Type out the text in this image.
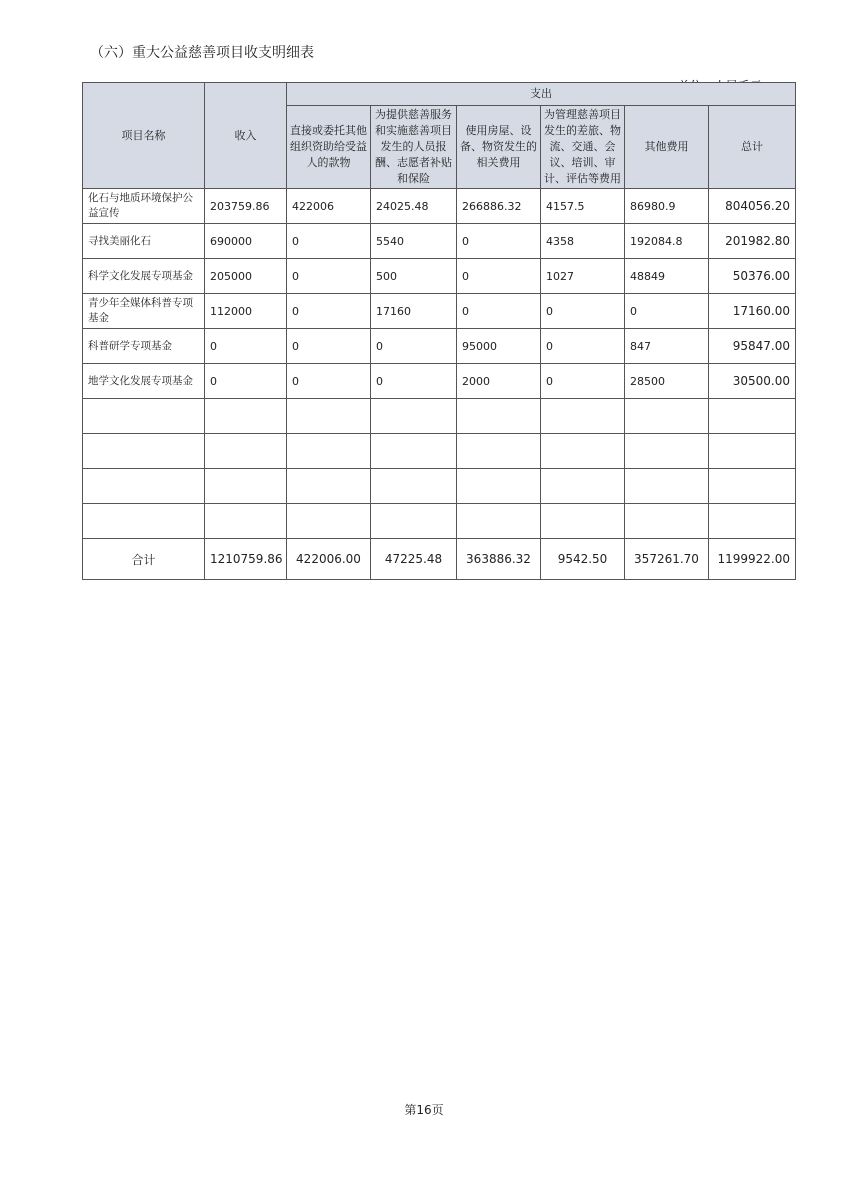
（六）重大公益慈善项目收支明细表
项目名称	收入	支出					
		直接或委托其他组织资助给受益人的款物	为提供慈善服务和实施慈善项目发生的人员报酬、志愿者补贴和保险	使用房屋、设备、物资发生的相关费用	为管理慈善项目发生的差旅、物流、交通、会议、培训、审计、评估等费用	其他费用	总计
化石与地质环境保护公益宣传	203759.86	422006	24025.48	266886.32	4157.5	86980.9	804056.20
寻找美丽化石	690000	0	5540	0	4358	192084.8	201982.80
科学文化发展专项基金	205000	0	500	0	1027	48849	50376.00
青少年全媒体科普专项基金	112000	0	17160	0	0	0	17160.00
科普研学专项基金	0	0	0	95000	0	847	95847.00
地学文化发展专项基金	0	0	0	2000	0	28500	30500.00

合计	1210759.86	422006.00	47225.48	363886.32	9542.50	357261.70	1199922.00
第16页
